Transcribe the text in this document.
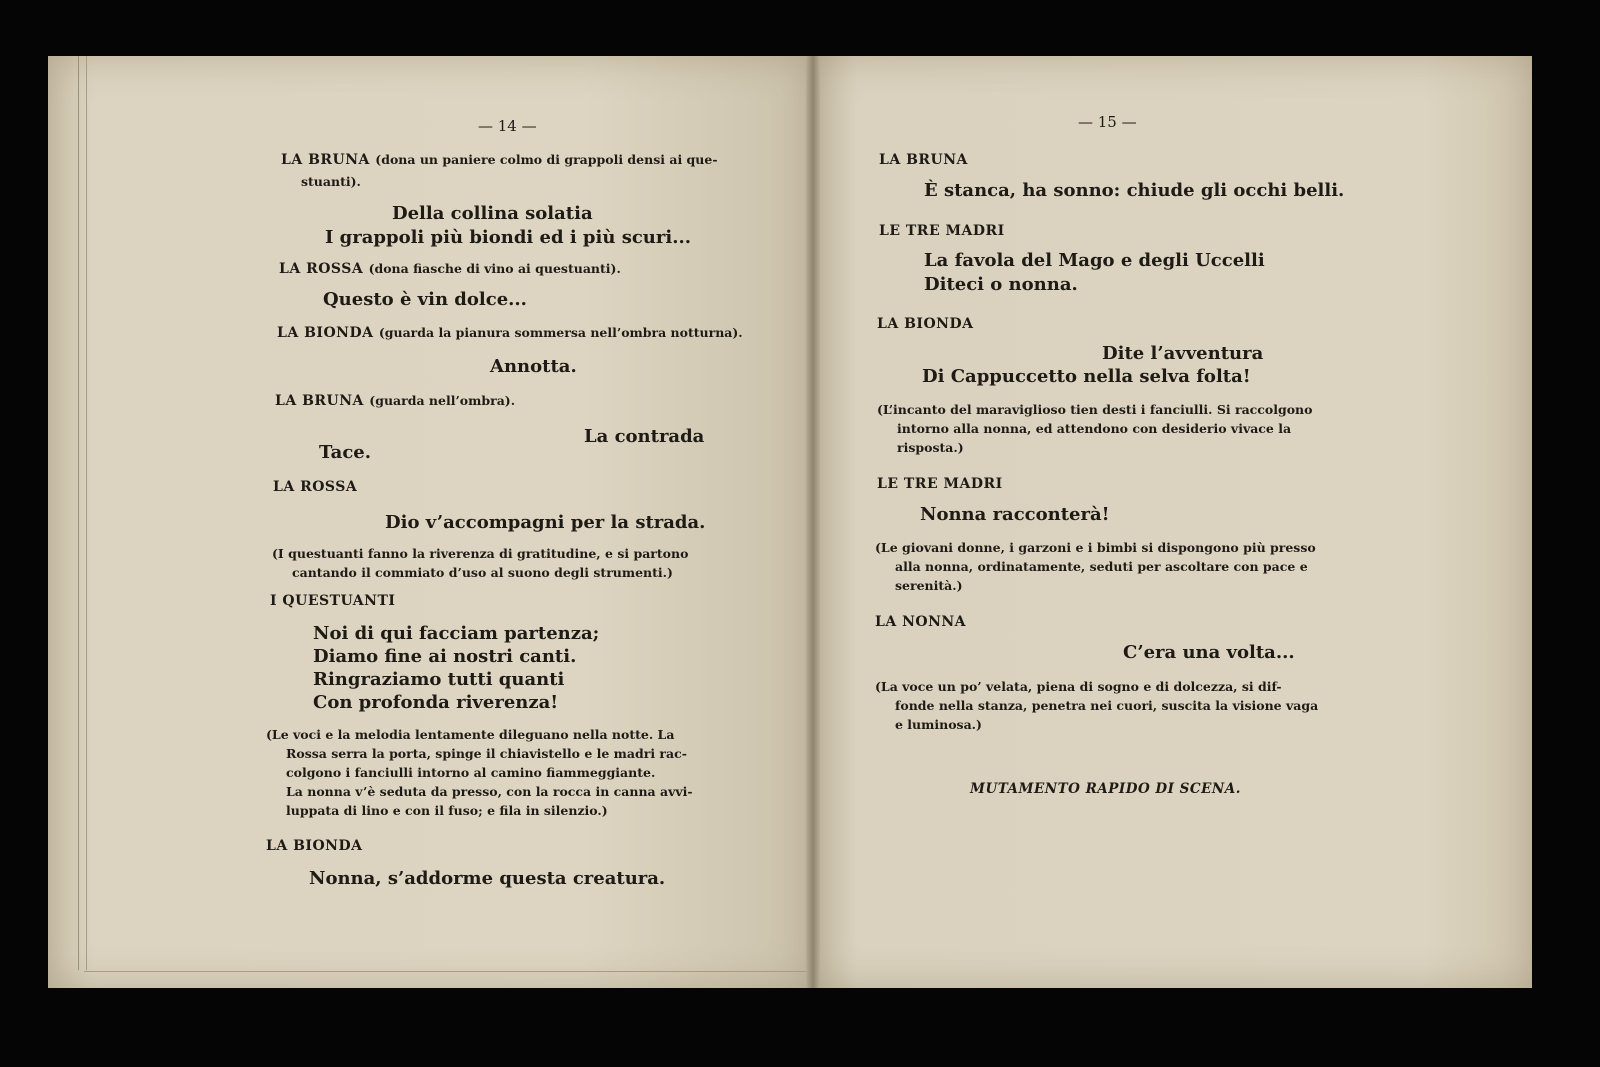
— 14 —
LA BRUNA (dona un paniere colmo di grappoli densi ai que-
stuanti).
Della collina solatia
I grappoli più biondi ed i più scuri...
LA ROSSA (dona fiasche di vino ai questuanti).
Questo è vin dolce...
LA BIONDA (guarda la pianura sommersa nell’ombra notturna).
Annotta.
LA BRUNA (guarda nell’ombra).
La contrada
Tace.
LA ROSSA
Dio v’accompagni per la strada.
(I questuanti fanno la riverenza di gratitudine, e si partono
cantando il commiato d’uso al suono degli strumenti.)
I QUESTUANTI
Noi di qui facciam partenza;
Diamo fine ai nostri canti.
Ringraziamo tutti quanti
Con profonda riverenza!
(Le voci e la melodia lentamente dileguano nella notte. La
Rossa serra la porta, spinge il chiavistello e le madri rac-
colgono i fanciulli intorno al camino fiammeggiante.
La nonna v’è seduta da presso, con la rocca in canna avvi-
luppata di lino e con il fuso; e fila in silenzio.)
LA BIONDA
Nonna, s’addorme questa creatura.
— 15 —
LA BRUNA
È stanca, ha sonno: chiude gli occhi belli.
LE TRE MADRI
La favola del Mago e degli Uccelli
Diteci o nonna.
LA BIONDA
Dite l’avventura
Di Cappuccetto nella selva folta!
(L’incanto del maraviglioso tien desti i fanciulli. Si raccolgono
intorno alla nonna, ed attendono con desiderio vivace la
risposta.)
LE TRE MADRI
Nonna racconterà!
(Le giovani donne, i garzoni e i bimbi si dispongono più presso
alla nonna, ordinatamente, seduti per ascoltare con pace e
serenità.)
LA NONNA
C’era una volta...
(La voce un po’ velata, piena di sogno e di dolcezza, si dif-
fonde nella stanza, penetra nei cuori, suscita la visione vaga
e luminosa.)
MUTAMENTO RAPIDO DI SCENA.
